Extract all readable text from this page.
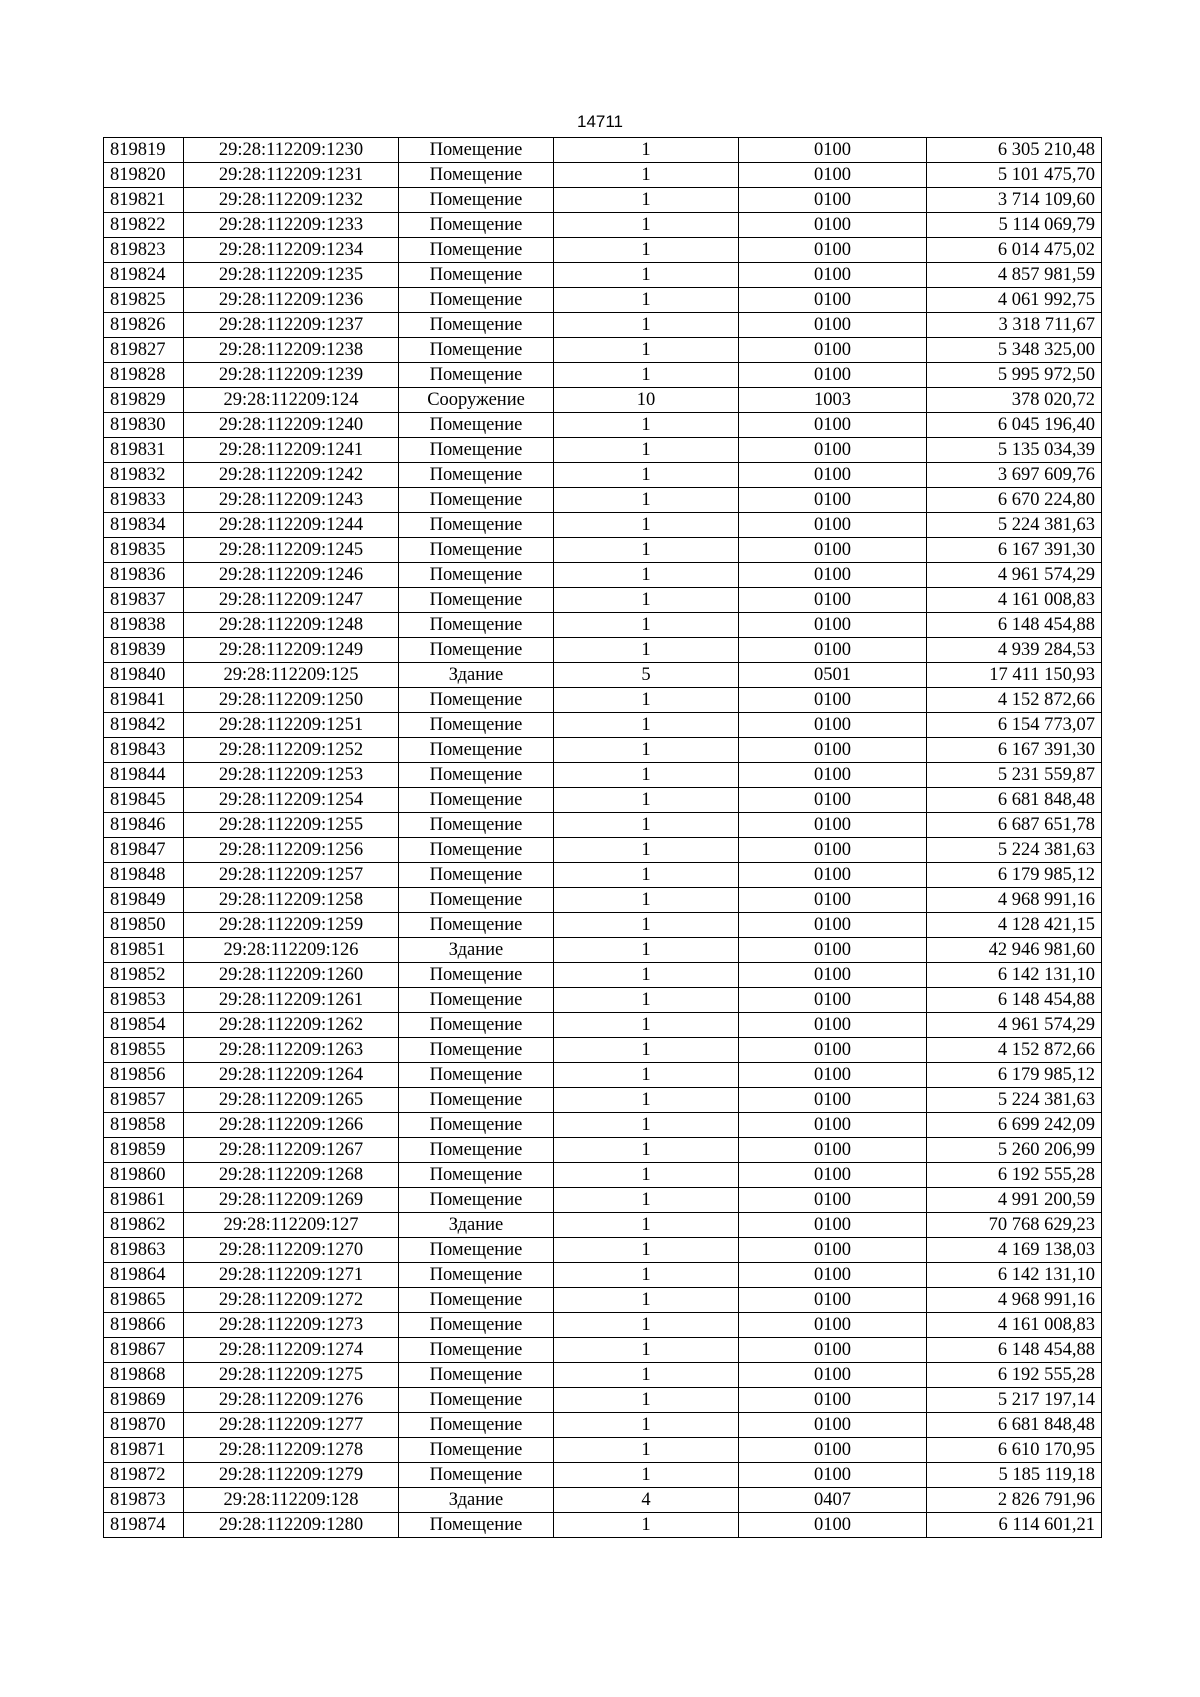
14711
819819	29:28:112209:1230	Помещение	1	0100	6 305 210,48
819820	29:28:112209:1231	Помещение	1	0100	5 101 475,70
819821	29:28:112209:1232	Помещение	1	0100	3 714 109,60
819822	29:28:112209:1233	Помещение	1	0100	5 114 069,79
819823	29:28:112209:1234	Помещение	1	0100	6 014 475,02
819824	29:28:112209:1235	Помещение	1	0100	4 857 981,59
819825	29:28:112209:1236	Помещение	1	0100	4 061 992,75
819826	29:28:112209:1237	Помещение	1	0100	3 318 711,67
819827	29:28:112209:1238	Помещение	1	0100	5 348 325,00
819828	29:28:112209:1239	Помещение	1	0100	5 995 972,50
819829	29:28:112209:124	Сооружение	10	1003	378 020,72
819830	29:28:112209:1240	Помещение	1	0100	6 045 196,40
819831	29:28:112209:1241	Помещение	1	0100	5 135 034,39
819832	29:28:112209:1242	Помещение	1	0100	3 697 609,76
819833	29:28:112209:1243	Помещение	1	0100	6 670 224,80
819834	29:28:112209:1244	Помещение	1	0100	5 224 381,63
819835	29:28:112209:1245	Помещение	1	0100	6 167 391,30
819836	29:28:112209:1246	Помещение	1	0100	4 961 574,29
819837	29:28:112209:1247	Помещение	1	0100	4 161 008,83
819838	29:28:112209:1248	Помещение	1	0100	6 148 454,88
819839	29:28:112209:1249	Помещение	1	0100	4 939 284,53
819840	29:28:112209:125	Здание	5	0501	17 411 150,93
819841	29:28:112209:1250	Помещение	1	0100	4 152 872,66
819842	29:28:112209:1251	Помещение	1	0100	6 154 773,07
819843	29:28:112209:1252	Помещение	1	0100	6 167 391,30
819844	29:28:112209:1253	Помещение	1	0100	5 231 559,87
819845	29:28:112209:1254	Помещение	1	0100	6 681 848,48
819846	29:28:112209:1255	Помещение	1	0100	6 687 651,78
819847	29:28:112209:1256	Помещение	1	0100	5 224 381,63
819848	29:28:112209:1257	Помещение	1	0100	6 179 985,12
819849	29:28:112209:1258	Помещение	1	0100	4 968 991,16
819850	29:28:112209:1259	Помещение	1	0100	4 128 421,15
819851	29:28:112209:126	Здание	1	0100	42 946 981,60
819852	29:28:112209:1260	Помещение	1	0100	6 142 131,10
819853	29:28:112209:1261	Помещение	1	0100	6 148 454,88
819854	29:28:112209:1262	Помещение	1	0100	4 961 574,29
819855	29:28:112209:1263	Помещение	1	0100	4 152 872,66
819856	29:28:112209:1264	Помещение	1	0100	6 179 985,12
819857	29:28:112209:1265	Помещение	1	0100	5 224 381,63
819858	29:28:112209:1266	Помещение	1	0100	6 699 242,09
819859	29:28:112209:1267	Помещение	1	0100	5 260 206,99
819860	29:28:112209:1268	Помещение	1	0100	6 192 555,28
819861	29:28:112209:1269	Помещение	1	0100	4 991 200,59
819862	29:28:112209:127	Здание	1	0100	70 768 629,23
819863	29:28:112209:1270	Помещение	1	0100	4 169 138,03
819864	29:28:112209:1271	Помещение	1	0100	6 142 131,10
819865	29:28:112209:1272	Помещение	1	0100	4 968 991,16
819866	29:28:112209:1273	Помещение	1	0100	4 161 008,83
819867	29:28:112209:1274	Помещение	1	0100	6 148 454,88
819868	29:28:112209:1275	Помещение	1	0100	6 192 555,28
819869	29:28:112209:1276	Помещение	1	0100	5 217 197,14
819870	29:28:112209:1277	Помещение	1	0100	6 681 848,48
819871	29:28:112209:1278	Помещение	1	0100	6 610 170,95
819872	29:28:112209:1279	Помещение	1	0100	5 185 119,18
819873	29:28:112209:128	Здание	4	0407	2 826 791,96
819874	29:28:112209:1280	Помещение	1	0100	6 114 601,21
